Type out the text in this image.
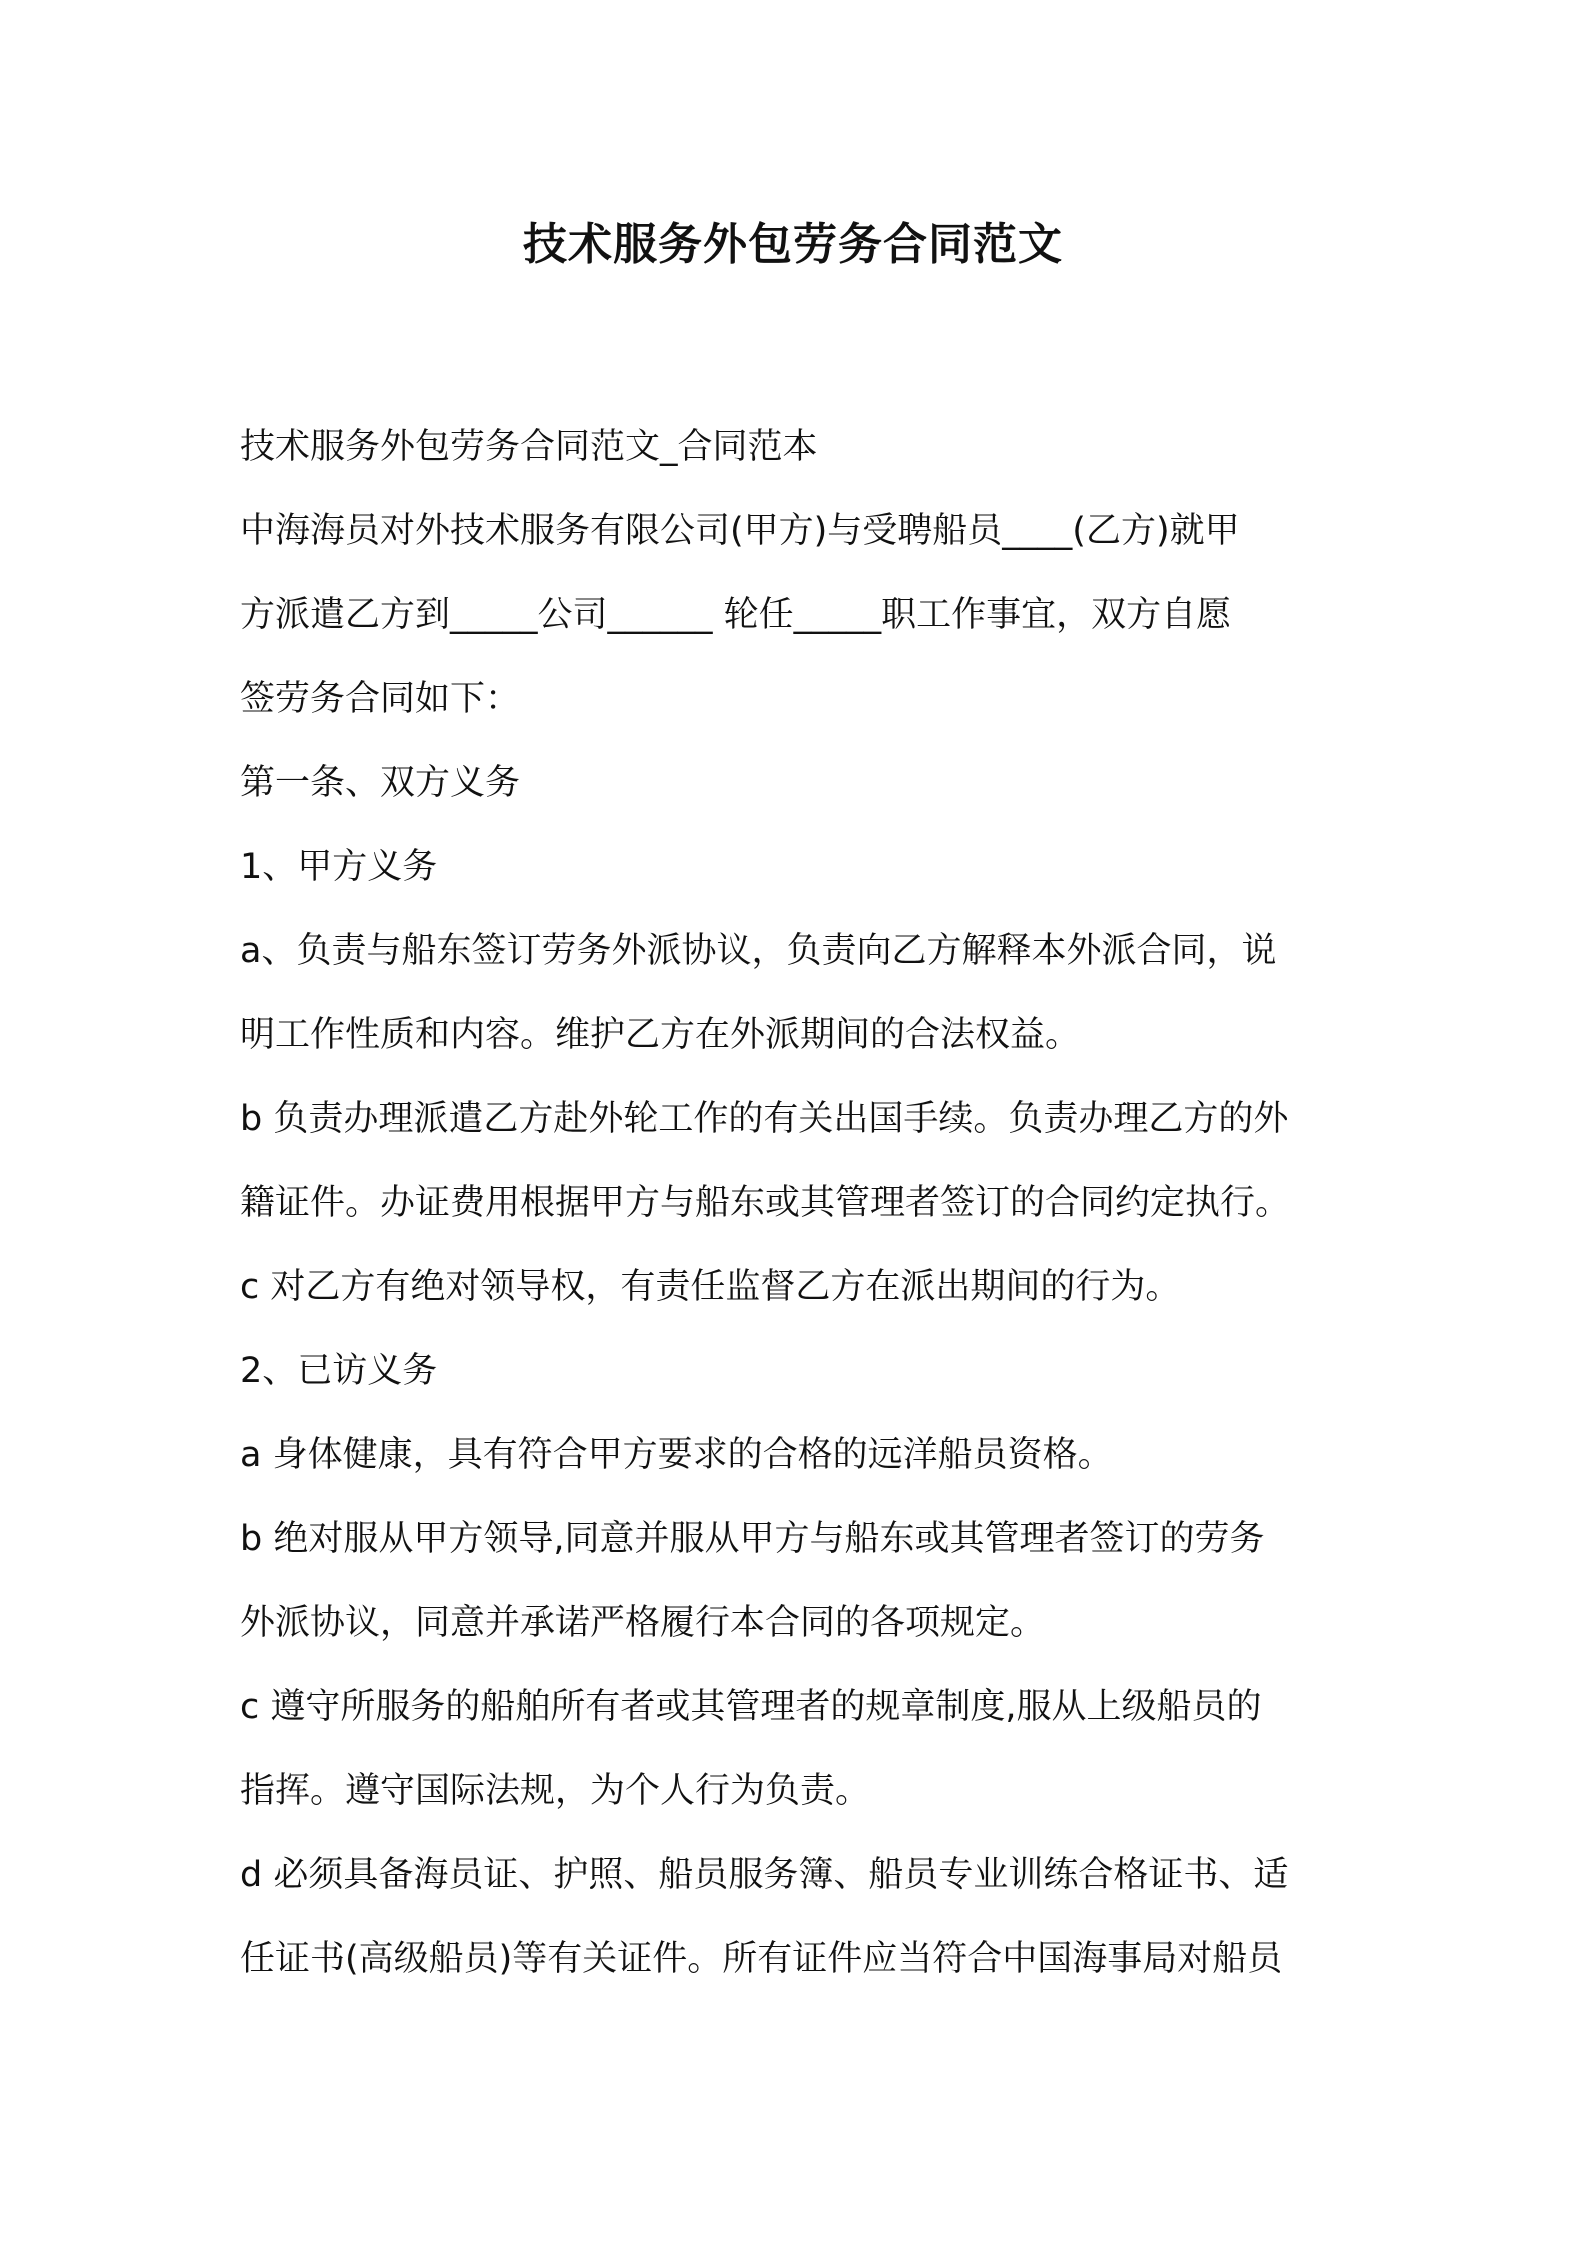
技术服务外包劳务合同范文
技术服务外包劳务合同范文_合同范本
中海海员对外技术服务有限公司(甲方)与受聘船员____(乙方)就甲
方派遣乙方到_____公司______ 轮任_____职工作事宜，双方自愿
签劳务合同如下：
第一条、双方义务
1、甲方义务
a、负责与船东签订劳务外派协议，负责向乙方解释本外派合同，说
明工作性质和内容。维护乙方在外派期间的合法权益。
b 负责办理派遣乙方赴外轮工作的有关出国手续。负责办理乙方的外
籍证件。办证费用根据甲方与船东或其管理者签订的合同约定执行。
c 对乙方有绝对领导权，有责任监督乙方在派出期间的行为。
2、已访义务
a 身体健康，具有符合甲方要求的合格的远洋船员资格。
b 绝对服从甲方领导,同意并服从甲方与船东或其管理者签订的劳务
外派协议，同意并承诺严格履行本合同的各项规定。
c 遵守所服务的船舶所有者或其管理者的规章制度,服从上级船员的
指挥。遵守国际法规，为个人行为负责。
d 必须具备海员证、护照、船员服务簿、船员专业训练合格证书、适
任证书(高级船员)等有关证件。所有证件应当符合中国海事局对船员
